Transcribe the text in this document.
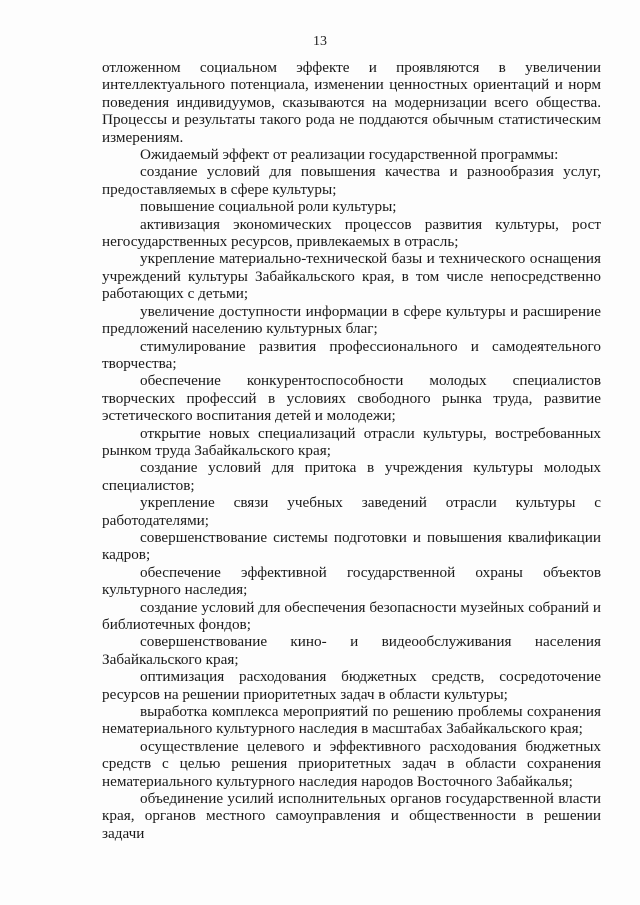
13

отложенном социальном эффекте и проявляются в увеличении интеллектуального потенциала, изменении ценностных ориентаций и норм поведения индивидуумов, сказываются на модернизации всего общества. Процессы и результаты такого рода не поддаются обычным статистическим измерениям.

Ожидаемый эффект от реализации государственной программы:

создание условий для повышения качества и разнообразия услуг, предоставляемых в сфере культуры;

повышение социальной роли культуры;

активизация экономических процессов развития культуры, рост негосударственных ресурсов, привлекаемых в отрасль;

укрепление материально-технической базы и технического оснащения учреждений культуры Забайкальского края, в том числе непосредственно работающих с детьми;

увеличение доступности информации в сфере культуры и расширение предложений населению культурных благ;

стимулирование развития профессионального и самодеятельного творчества;

обеспечение конкурентоспособности молодых специалистов творческих профессий в условиях свободного рынка труда, развитие эстетического воспитания детей и молодежи;

открытие новых специализаций отрасли культуры, востребованных рынком труда Забайкальского края;

создание условий для притока в учреждения культуры молодых специалистов;

укрепление связи учебных заведений отрасли культуры с работодателями;

совершенствование системы подготовки и повышения квалификации кадров;

обеспечение эффективной государственной охраны объектов культурного наследия;

создание условий для обеспечения безопасности музейных собраний и библиотечных фондов;

совершенствование кино- и видеообслуживания населения Забайкальского края;

оптимизация расходования бюджетных средств, сосредоточение ресурсов на решении приоритетных задач в области культуры;

выработка комплекса мероприятий по решению проблемы сохранения нематериального культурного наследия в масштабах Забайкальского края;

осуществление целевого и эффективного расходования бюджетных средств с целью решения приоритетных задач в области сохранения нематериального культурного наследия народов Восточного Забайкалья;

объединение усилий исполнительных органов государственной власти края, органов местного самоуправления и общественности в решении задачи
